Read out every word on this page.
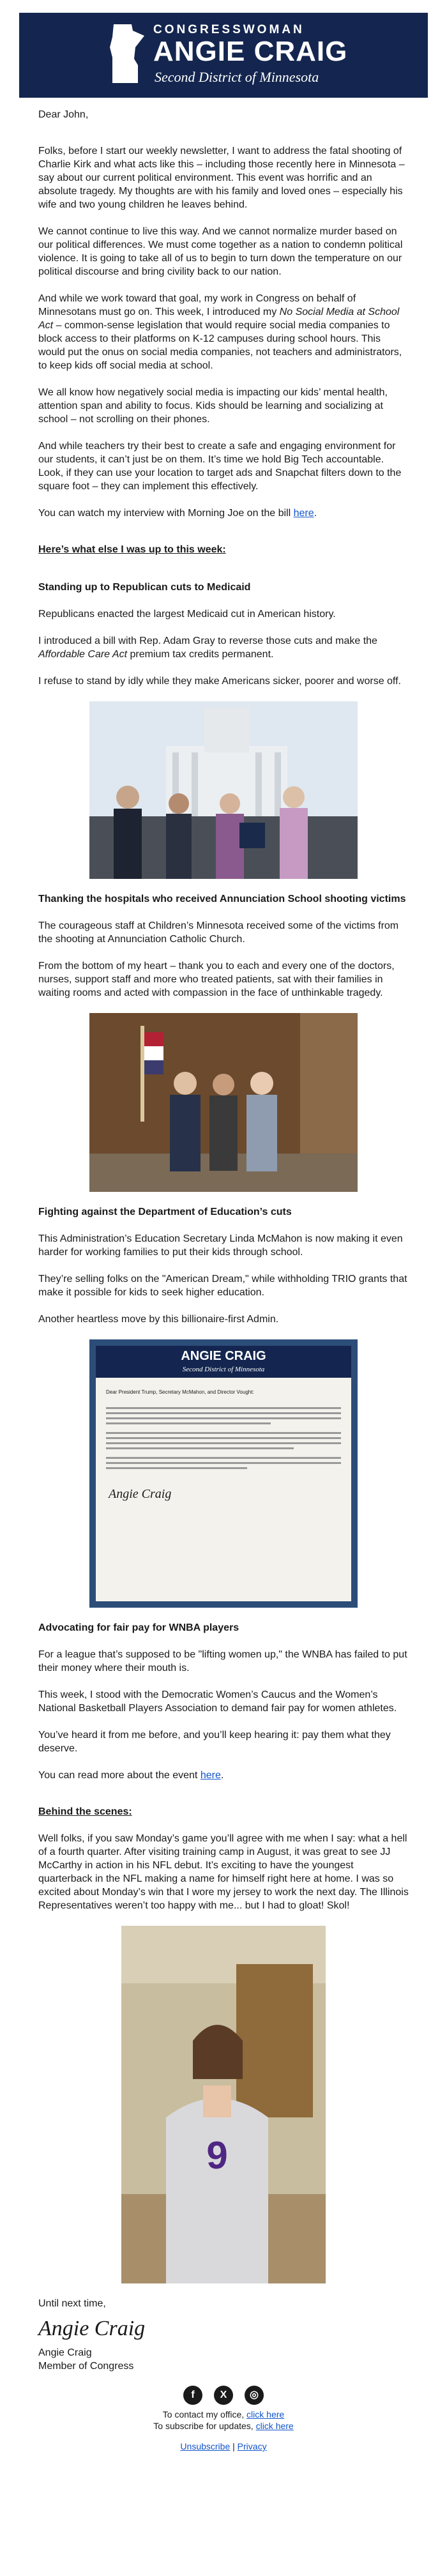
CONGRESSWOMAN
ANGIE CRAIG
Second District of Minnesota

Dear John,

Folks, before I start our weekly newsletter, I want to address the fatal shooting of Charlie Kirk and what acts like this – including those recently here in Minnesota – say about our current political environment. This event was horrific and an absolute tragedy. My thoughts are with his family and loved ones – especially his wife and two young children he leaves behind.

We cannot continue to live this way. And we cannot normalize murder based on our political differences. We must come together as a nation to condemn political violence. It is going to take all of us to begin to turn down the temperature on our political discourse and bring civility back to our nation.

And while we work toward that goal, my work in Congress on behalf of Minnesotans must go on. This week, I introduced my No Social Media at School Act – common-sense legislation that would require social media companies to block access to their platforms on K-12 campuses during school hours. This would put the onus on social media companies, not teachers and administrators, to keep kids off social media at school.

We all know how negatively social media is impacting our kids’ mental health, attention span and ability to focus. Kids should be learning and socializing at school – not scrolling on their phones.

And while teachers try their best to create a safe and engaging environment for our students, it can’t just be on them. It’s time we hold Big Tech accountable. Look, if they can use your location to target ads and Snapchat filters down to the square foot – they can implement this effectively.

You can watch my interview with Morning Joe on the bill here.

Here’s what else I was up to this week:
Standing up to Republican cuts to Medicaid

Republicans enacted the largest Medicaid cut in American history.

I introduced a bill with Rep. Adam Gray to reverse those cuts and make the Affordable Care Act premium tax credits permanent.

I refuse to stand by idly while they make Americans sicker, poorer and worse off.

Thanking the hospitals who received Annunciation School shooting victims

The courageous staff at Children’s Minnesota received some of the victims from the shooting at Annunciation Catholic Church.

From the bottom of my heart – thank you to each and every one of the doctors, nurses, support staff and more who treated patients, sat with their families in waiting rooms and acted with compassion in the face of unthinkable tragedy.

Fighting against the Department of Education’s cuts

This Administration’s Education Secretary Linda McMahon is now making it even harder for working families to put their kids through school.

They’re selling folks on the "American Dream," while withholding TRIO grants that make it possible for kids to seek higher education.

Another heartless move by this billionaire-first Admin.

ANGIE CRAIG
Second District of Minnesota
Dear President Trump, Secretary McMahon, and Director Vought:
Angie Craig
Advocating for fair pay for WNBA players

For a league that’s supposed to be "lifting women up," the WNBA has failed to put their money where their mouth is.

This week, I stood with the Democratic Women’s Caucus and the Women’s National Basketball Players Association to demand fair pay for women athletes.

You’ve heard it from me before, and you’ll keep hearing it: pay them what they deserve.

You can read more about the event here.

Behind the scenes:

Well folks, if you saw Monday’s game you’ll agree with me when I say: what a hell of a fourth quarter. After visiting training camp in August, it was great to see JJ McCarthy in action in his NFL debut. It’s exciting to have the youngest quarterback in the NFL making a name for himself right here at home. I was so excited about Monday’s win that I wore my jersey to work the next day. The Illinois Representatives weren’t too happy with me... but I had to gloat! Skol!

9

Until next time,

Angie Craig
Angie Craig
Member of Congress
f	X	◎
To contact my office, click here
To subscribe for updates, click here
Unsubscribe | Privacy
